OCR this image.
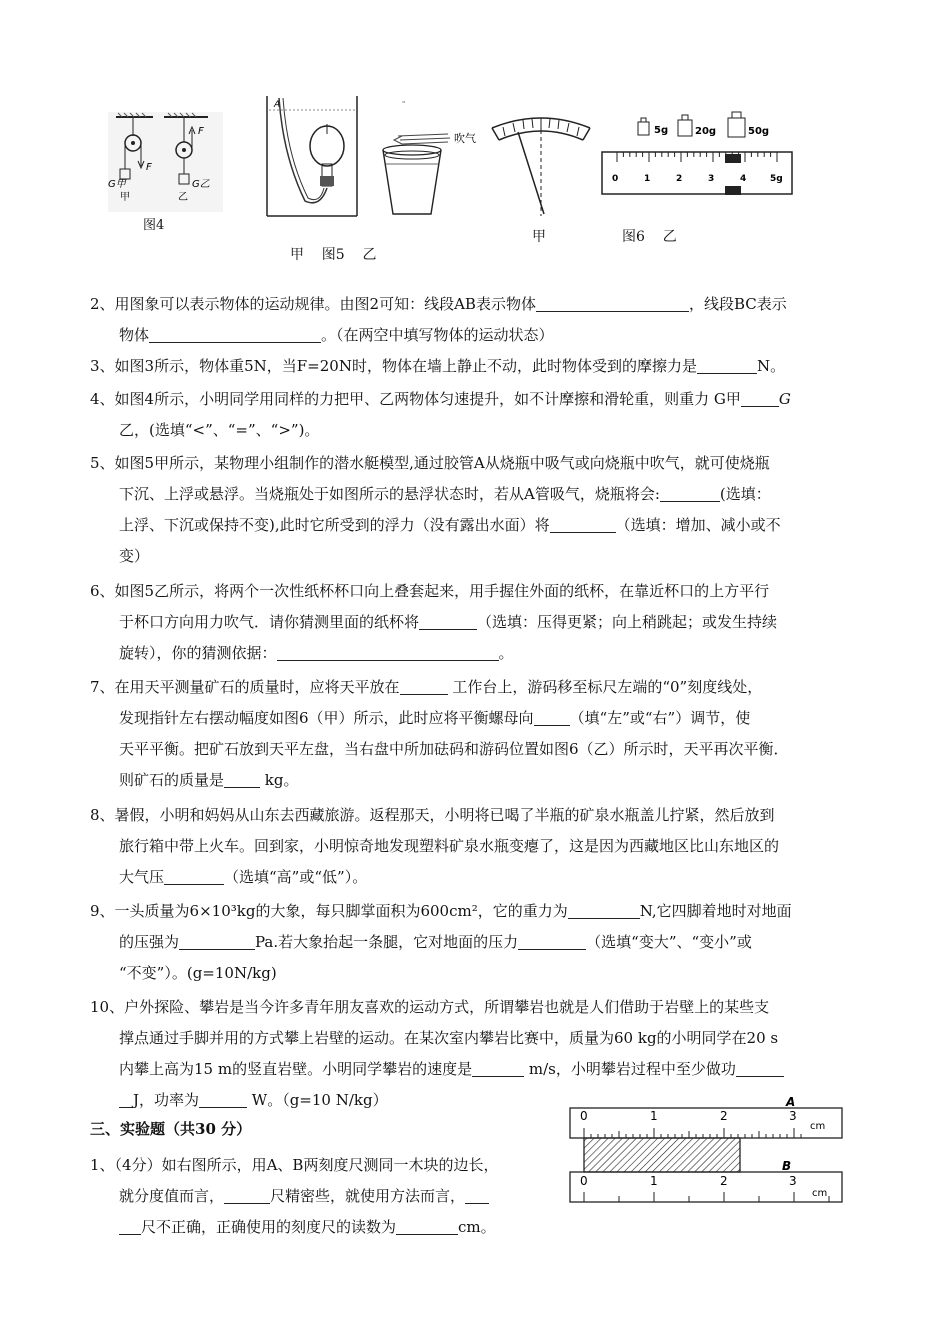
F
G甲
甲
F
乙
G乙
图4
A	"
吹气
甲    图5    乙
甲
5g	20g	50g
0	1	2	3	4	5g
图6    乙
2、用图象可以表示物体的运动规律。由图2可知：线段AB表示物体	，线段BC表示
物体	。（在两空中填写物体的运动状态）
3、如图3所示，物体重5N，当F=20N时，物体在墙上静止不动，此时物体受到的摩擦力是	N。
4、如图4所示，小明同学用同样的力把甲、乙两物体匀速提升，如不计摩擦和滑轮重，则重力 G甲	G
乙，(选填“<”、“=”、“>”)。
5、如图5甲所示，某物理小组制作的潜水艇模型,通过胶管A从烧瓶中吸气或向烧瓶中吹气，就可使烧瓶
下沉、上浮或悬浮。当烧瓶处于如图所示的悬浮状态时，若从A管吸气，烧瓶将会:	(选填：
上浮、下沉或保持不变),此时它所受到的浮力（没有露出水面）将	（选填：增加、减小或不
变）
6、如图5乙所示，将两个一次性纸杯杯口向上叠套起来，用手握住外面的纸杯，在靠近杯口的上方平行
于杯口方向用力吹气．请你猜测里面的纸杯将	（选填：压得更紧；向上稍跳起；或发生持续
旋转），你的猜测依据：	。
7、在用天平测量矿石的质量时，应将天平放在	工作台上，游码移至标尺左端的“0”刻度线处，
发现指针左右摆动幅度如图6（甲）所示，此时应将平衡螺母向 （填“左”或“右”）调节，使
天平平衡。把矿石放到天平左盘，当右盘中所加砝码和游码位置如图6（乙）所示时，天平再次平衡．
则矿石的质量是 kg。
8、暑假，小明和妈妈从山东去西藏旅游。返程那天，小明将已喝了半瓶的矿泉水瓶盖儿拧紧，然后放到
旅行箱中带上火车。回到家，小明惊奇地发现塑料矿泉水瓶变瘪了，这是因为西藏地区比山东地区的
大气压	（选填“高”或“低”）。
9、一头质量为6×10³kg的大象，每只脚掌面积为600cm²，它的重力为	N,它四脚着地时对地面
的压强为	Pa.若大象抬起一条腿，它对地面的压力	（选填“变大”、“变小”或
“不变”）。(g=10N/kg)
10、户外探险、攀岩是当今许多青年朋友喜欢的运动方式，所谓攀岩也就是人们借助于岩壁上的某些支
撑点通过手脚并用的方式攀上岩壁的运动。在某次室内攀岩比赛中，质量为60 kg的小明同学在20 s
内攀上高为15 m的竖直岩壁。小明同学攀岩的速度是	m/s，小明攀岩过程中至少做功
J，功率为	W。（g=10 N/kg）
三、实验题（共30 分）
1、（4分）如右图所示，用A、B两刻度尺测同一木块的边长，
就分度值而言，	尺精密些，就使用方法而言，
尺不正确，正确使用的刻度尺的读数为	cm。
A
0	1	2	3
cm
B
0	1	2	3
cm
